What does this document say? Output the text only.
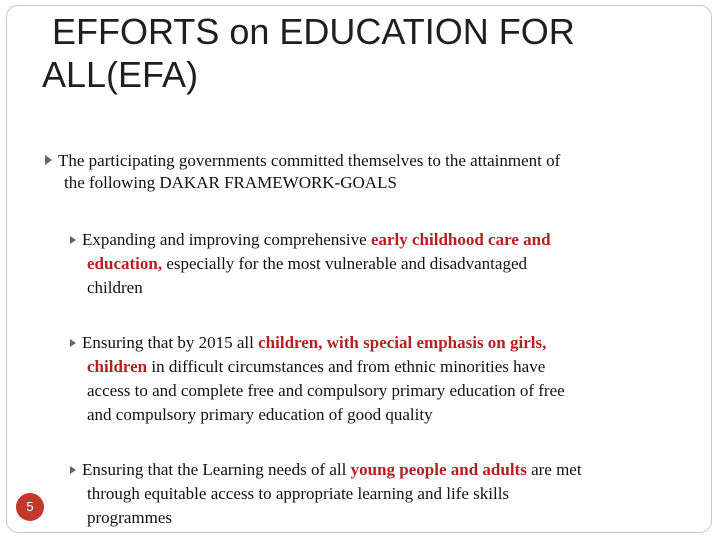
EFFORTS on EDUCATION FOR
ALL(EFA)
The participating governments committed themselves to the attainment of
the following DAKAR FRAMEWORK-GOALS
Expanding and improving comprehensive early childhood care and
education, especially for the most vulnerable and disadvantaged
children
Ensuring that by 2015 all children, with special emphasis on girls,
children in difficult circumstances and from ethnic minorities have
access to and complete free and compulsory primary education of free
and compulsory primary education of good quality
Ensuring that the Learning needs of all young people and adults are met
through equitable access to appropriate learning and life skills
programmes
5
